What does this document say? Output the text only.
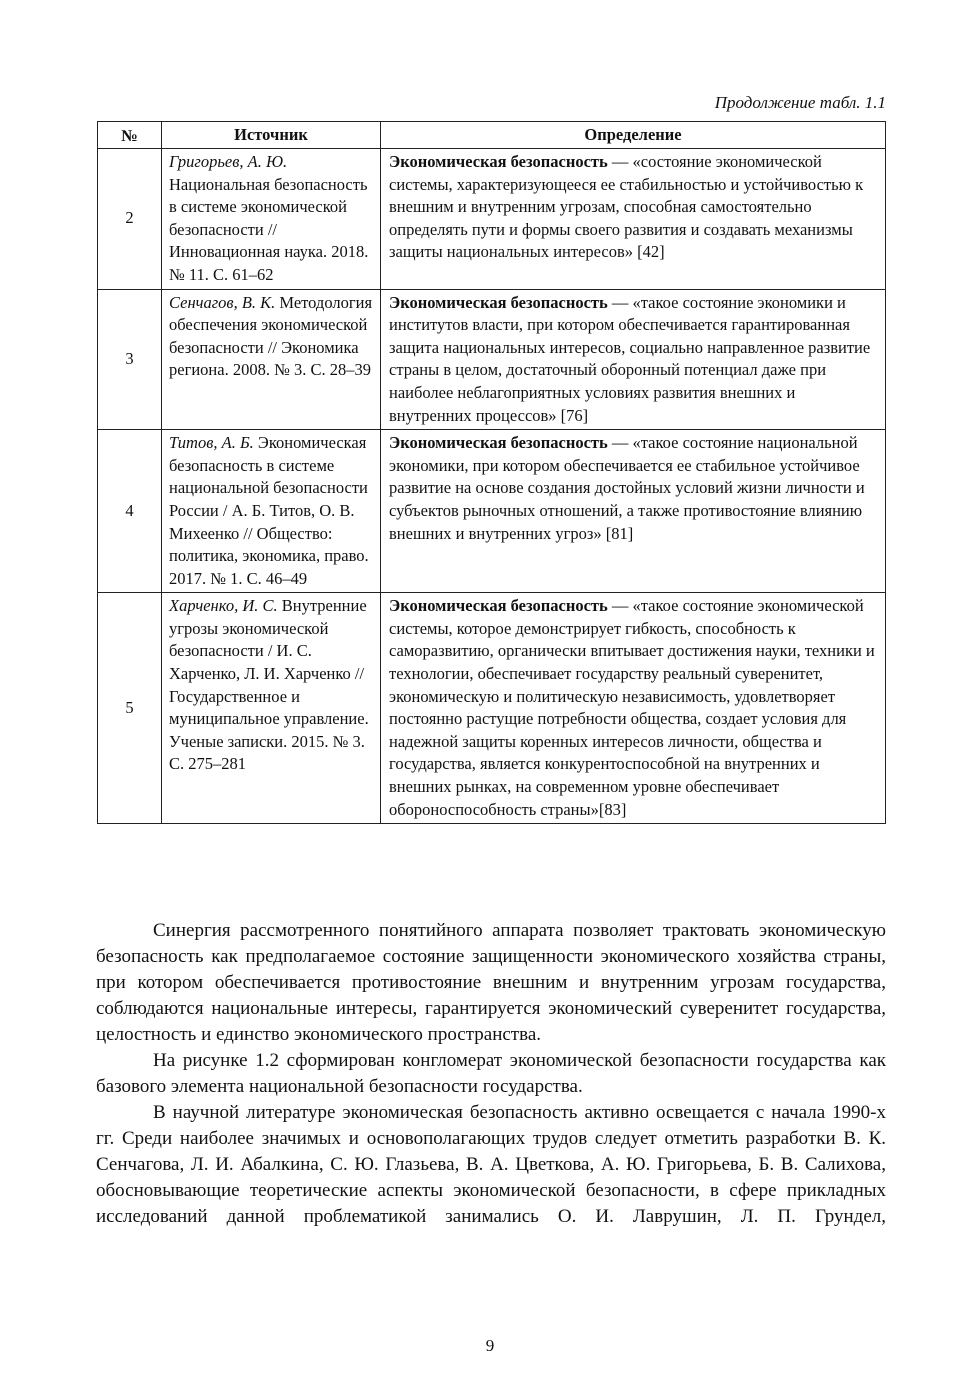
Продолжение табл. 1.1
№	Источник	Определение
2	Григорьев, А. Ю. Национальная безопасность в системе экономической безопасности // Инновационная наука. 2018. № 11. С. 61–62	Экономическая безопасность — «состояние экономической системы, характеризующееся ее стабильностью и устойчивостью к внешним и внутренним угрозам, способная самостоятельно определять пути и формы своего развития и создавать механизмы защиты национальных интересов» [42]
3	Сенчагов, В. К. Методология обеспечения экономической безопасности // Экономика региона. 2008. № 3. С. 28–39	Экономическая безопасность — «такое состояние экономики и институтов власти, при котором обеспечивается гарантированная защита национальных интересов, социально направленное развитие страны в целом, достаточный оборонный потенциал даже при наиболее неблагоприятных условиях развития внешних и внутренних процессов» [76]
4	Титов, А. Б. Экономическая безопасность в системе национальной безопасности России / А. Б. Титов, О. В. Михеенко // Общество: политика, экономика, право. 2017. № 1. С. 46–49	Экономическая безопасность — «такое состояние национальной экономики, при котором обеспечивается ее стабильное устойчивое развитие на основе создания достойных условий жизни личности и субъектов рыночных отношений, а также противостояние влиянию внешних и внутренних угроз» [81]
5	Харченко, И. С. Внутренние угрозы экономической безопасности / И. С. Харченко, Л. И. Харченко // Государственное и муниципальное управление. Ученые записки. 2015. № 3. С. 275–281	Экономическая безопасность — «такое состояние экономической системы, которое демонстрирует гибкость, способность к саморазвитию, органически впитывает достижения науки, техники и технологии, обеспечивает государству реальный суверенитет, экономическую и политическую независимость, удовлетворяет постоянно растущие потребности общества, создает условия для надежной защиты коренных интересов личности, общества и государства, является конкурентоспособной на внутренних и внешних рынках, на современном уровне обеспечивает обороноспособность страны»[83]

Синергия рассмотренного понятийного аппарата позволяет трактовать экономическую безопасность как предполагаемое состояние защищенности экономического хозяйства страны, при котором обеспечивается противостояние внешним и внутренним угрозам государства, соблюдаются национальные интересы, гарантируется экономический суверенитет государства, целостность и единство экономического пространства.

На рисунке 1.2 сформирован конгломерат экономической безопасности государства как базового элемента национальной безопасности государства.

В научной литературе экономическая безопасность активно освещается с начала 1990-х гг. Среди наиболее значимых и основополагающих трудов следует отметить разработки В. К. Сенчагова, Л. И. Абалкина, С. Ю. Глазьева, В. А. Цветкова, А. Ю. Григорьева, Б. В. Салихова, обосновывающие теоретические аспекты экономической безопасности, в сфере прикладных исследований данной проблематикой занимались О. И. Лаврушин, Л. П. Грундел,

9
